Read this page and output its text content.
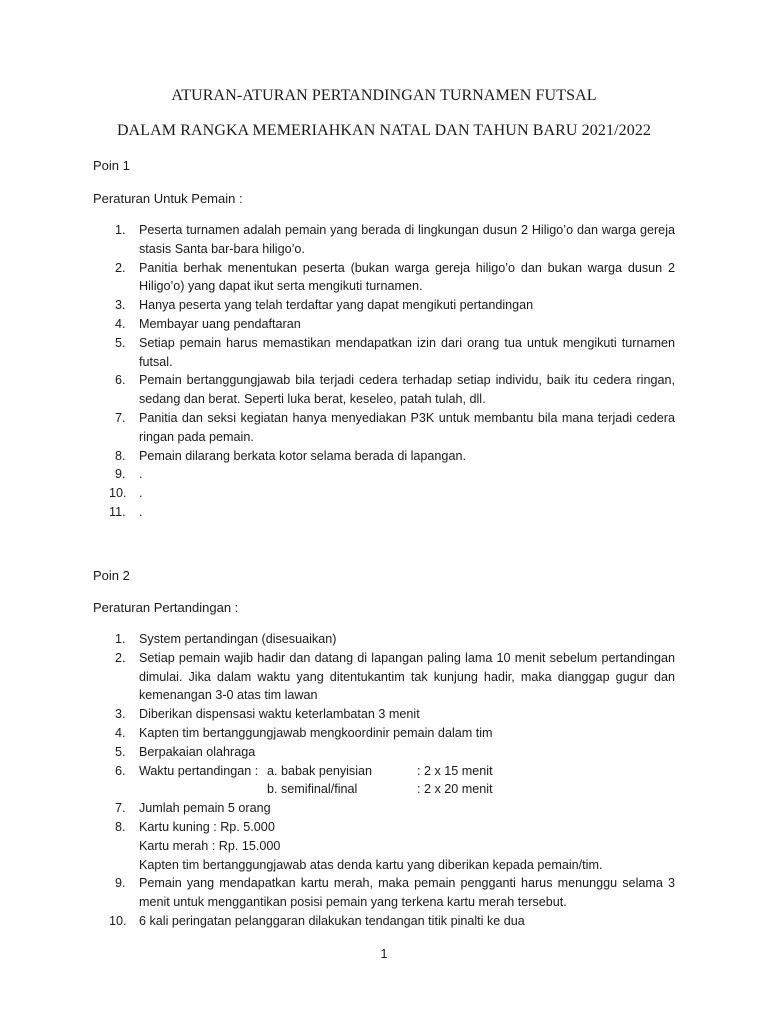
ATURAN-ATURAN PERTANDINGAN TURNAMEN FUTSAL
DALAM RANGKA MEMERIAHKAN NATAL DAN TAHUN BARU 2021/2022

Poin 1

Peraturan Untuk Pemain :

1. Peserta turnamen adalah pemain yang berada di lingkungan dusun 2 Hiligo’o dan warga gereja stasis Santa bar-bara hiligo’o.
2. Panitia berhak menentukan peserta (bukan warga gereja hiligo’o dan bukan warga dusun 2 Hiligo’o) yang dapat ikut serta mengikuti turnamen.
3. Hanya peserta yang telah terdaftar yang dapat mengikuti pertandingan
4. Membayar uang pendaftaran
5. Setiap pemain harus memastikan mendapatkan izin dari orang tua untuk mengikuti turnamen futsal.
6. Pemain bertanggungjawab bila terjadi cedera terhadap setiap individu, baik itu cedera ringan, sedang dan berat. Seperti luka berat, keseleo, patah tulah, dll.
7. Panitia dan seksi kegiatan hanya menyediakan P3K untuk membantu bila mana terjadi cedera ringan pada pemain.
8. Pemain dilarang berkata kotor selama berada di lapangan.
9. .
10. .
11. .

Poin 2

Peraturan Pertandingan :

1. System pertandingan (disesuaikan)
2. Setiap pemain wajib hadir dan datang di lapangan paling lama 10 menit sebelum pertandingan dimulai. Jika dalam waktu yang ditentukantim tak kunjung hadir, maka dianggap gugur dan kemenangan 3-0 atas tim lawan
3. Diberikan dispensasi waktu keterlambatan 3 menit
4. Kapten tim bertanggungjawab mengkoordinir pemain dalam tim
5. Berpakaian olahraga
6. Waktu pertandingan : a. babak penyisian	: 2 x 15 menit
b. semifinal/final	: 2 x 20 menit
7. Jumlah pemain 5 orang
8. Kartu kuning : Rp. 5.000
Kartu merah : Rp. 15.000
Kapten tim bertanggungjawab atas denda kartu yang diberikan kepada pemain/tim.
9. Pemain yang mendapatkan kartu merah, maka pemain pengganti harus menunggu selama 3 menit untuk menggantikan posisi pemain yang terkena kartu merah tersebut.
10. 6 kali peringatan pelanggaran dilakukan tendangan titik pinalti ke dua
1
